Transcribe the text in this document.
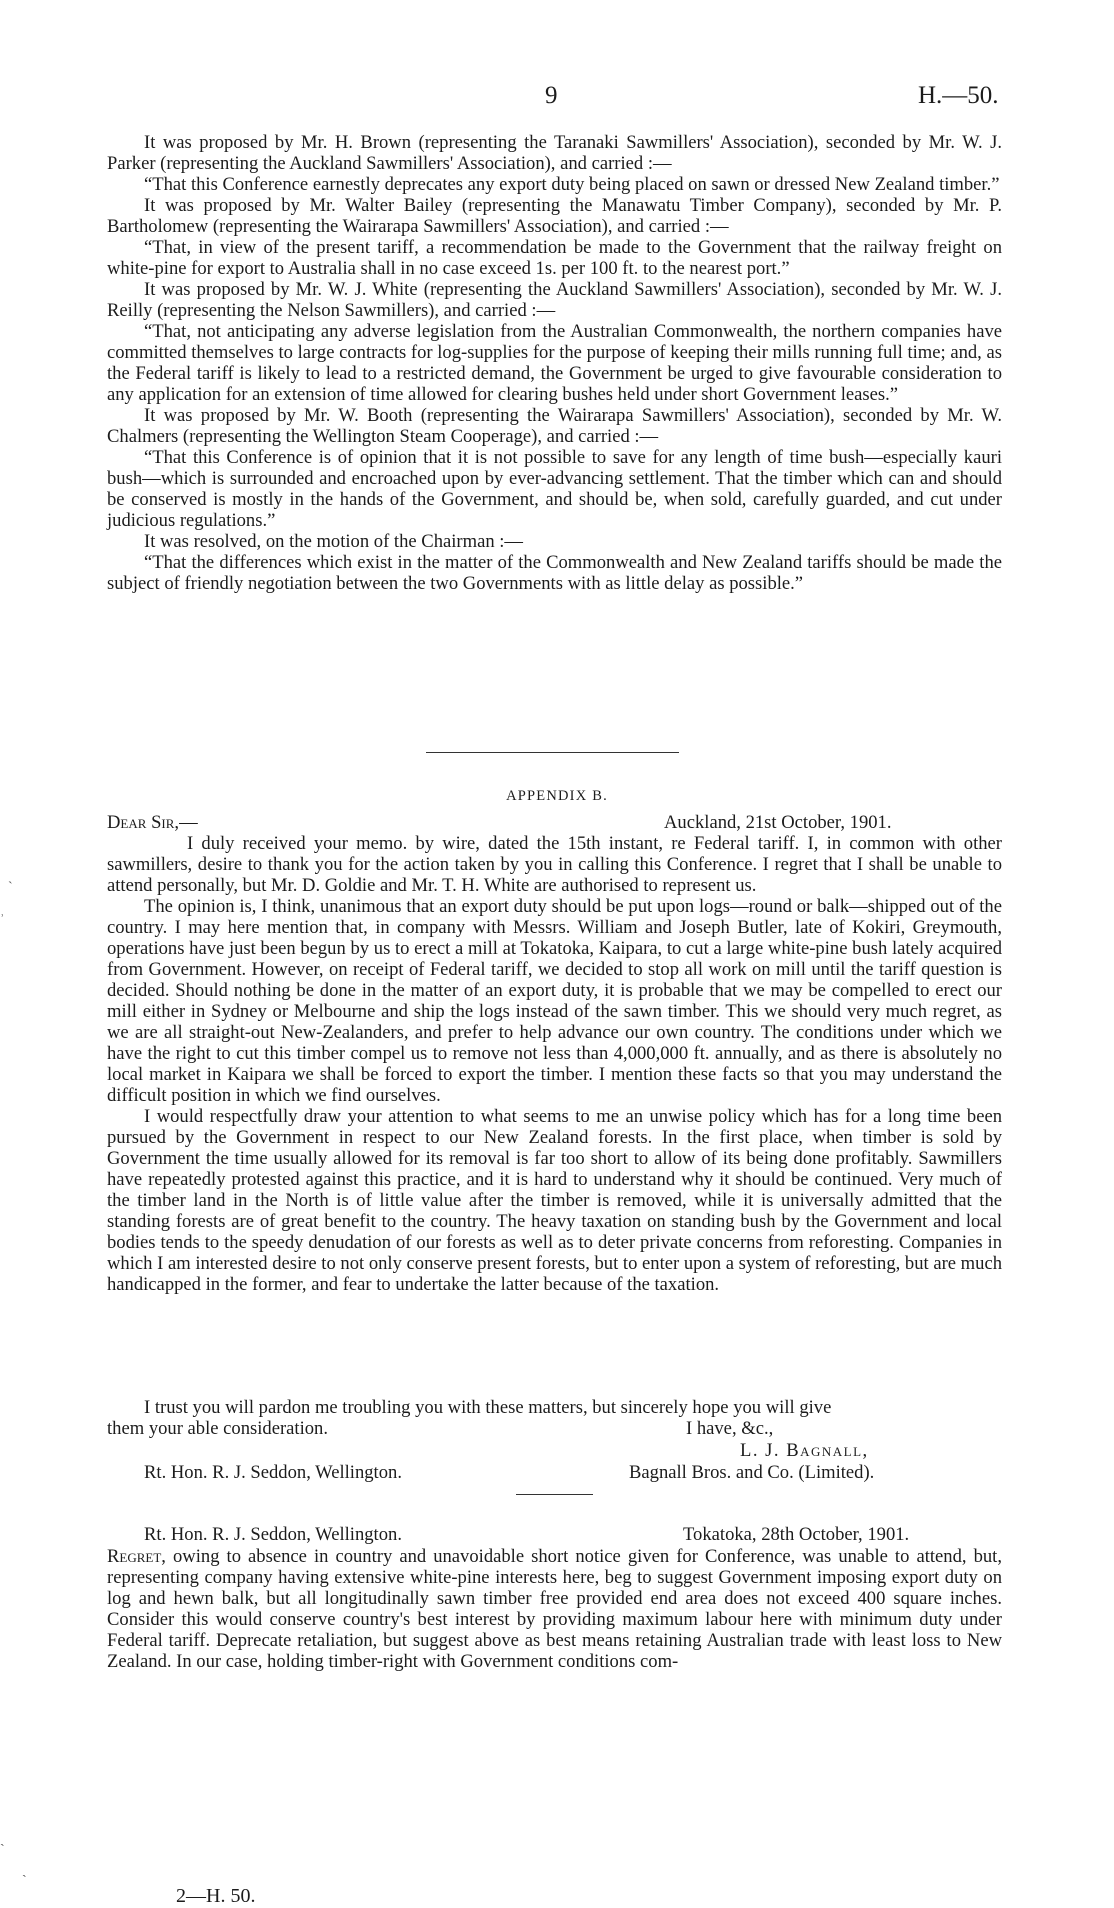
9	H.—50.

It was proposed by Mr. H. Brown (representing the Taranaki Sawmillers' Association), seconded by Mr. W. J. Parker (representing the Auckland Sawmillers' Association), and carried :—

“That this Conference earnestly deprecates any export duty being placed on sawn or dressed New Zealand timber.”

It was proposed by Mr. Walter Bailey (representing the Manawatu Timber Company), seconded by Mr. P. Bartholomew (representing the Wairarapa Sawmillers' Association), and carried :—

“That, in view of the present tariff, a recommendation be made to the Government that the railway freight on white-pine for export to Australia shall in no case exceed 1s. per 100 ft. to the nearest port.”

It was proposed by Mr. W. J. White (representing the Auckland Sawmillers' Association), seconded by Mr. W. J. Reilly (representing the Nelson Sawmillers), and carried :—

“That, not anticipating any adverse legislation from the Australian Commonwealth, the northern companies have committed themselves to large contracts for log-supplies for the purpose of keeping their mills running full time; and, as the Federal tariff is likely to lead to a restricted demand, the Government be urged to give favourable consideration to any application for an extension of time allowed for clearing bushes held under short Government leases.”

It was proposed by Mr. W. Booth (representing the Wairarapa Sawmillers' Association), seconded by Mr. W. Chalmers (representing the Wellington Steam Cooperage), and carried :—

“That this Conference is of opinion that it is not possible to save for any length of time bush—especially kauri bush—which is surrounded and encroached upon by ever-advancing settlement. That the timber which can and should be conserved is mostly in the hands of the Government, and should be, when sold, carefully guarded, and cut under judicious regulations.”

It was resolved, on the motion of the Chairman :—

“That the differences which exist in the matter of the Commonwealth and New Zealand tariffs should be made the subject of friendly negotiation between the two Governments with as little delay as possible.”

APPENDIX B.
Dear Sir,—	Auckland, 21st October, 1901.

I duly received your memo. by wire, dated the 15th instant, re Federal tariff. I, in common with other sawmillers, desire to thank you for the action taken by you in calling this Conference. I regret that I shall be unable to attend personally, but Mr. D. Goldie and Mr. T. H. White are authorised to represent us.

The opinion is, I think, unanimous that an export duty should be put upon logs—round or balk—shipped out of the country. I may here mention that, in company with Messrs. William and Joseph Butler, late of Kokiri, Greymouth, operations have just been begun by us to erect a mill at Tokatoka, Kaipara, to cut a large white-pine bush lately acquired from Government. However, on receipt of Federal tariff, we decided to stop all work on mill until the tariff question is decided. Should nothing be done in the matter of an export duty, it is probable that we may be compelled to erect our mill either in Sydney or Melbourne and ship the logs instead of the sawn timber. This we should very much regret, as we are all straight-out New-Zealanders, and prefer to help advance our own country. The conditions under which we have the right to cut this timber compel us to remove not less than 4,000,000 ft. annually, and as there is absolutely no local market in Kaipara we shall be forced to export the timber. I mention these facts so that you may understand the difficult position in which we find ourselves.

I would respectfully draw your attention to what seems to me an unwise policy which has for a long time been pursued by the Government in respect to our New Zealand forests. In the first place, when timber is sold by Government the time usually allowed for its removal is far too short to allow of its being done profitably. Sawmillers have repeatedly protested against this practice, and it is hard to understand why it should be continued. Very much of the timber land in the North is of little value after the timber is removed, while it is universally admitted that the standing forests are of great benefit to the country. The heavy taxation on standing bush by the Government and local bodies tends to the speedy denudation of our forests as well as to deter private concerns from reforesting. Companies in which I am interested desire to not only conserve present forests, but to enter upon a system of reforesting, but are much handicapped in the former, and fear to undertake the latter because of the taxation.

I trust you will pardon me troubling you with these matters, but sincerely hope you will give
them your able consideration.	I have, &c.,
L. J. Bagnall,
Rt. Hon. R. J. Seddon, Wellington.	Bagnall Bros. and Co. (Limited).
Rt. Hon. R. J. Seddon, Wellington.	Tokatoka, 28th October, 1901.

Regret, owing to absence in country and unavoidable short notice given for Conference, was unable to attend, but, representing company having extensive white-pine interests here, beg to suggest Government imposing export duty on log and hewn balk, but all longitudinally sawn timber free provided end area does not exceed 400 square inches. Consider this would conserve country's best interest by providing maximum labour here with minimum duty under Federal tariff. Deprecate retaliation, but suggest above as best means retaining Australian trade with least loss to New Zealand. In our case, holding timber-right with Government conditions com-

2—H. 50.
ˋ
˒
ˎ
ˏ
